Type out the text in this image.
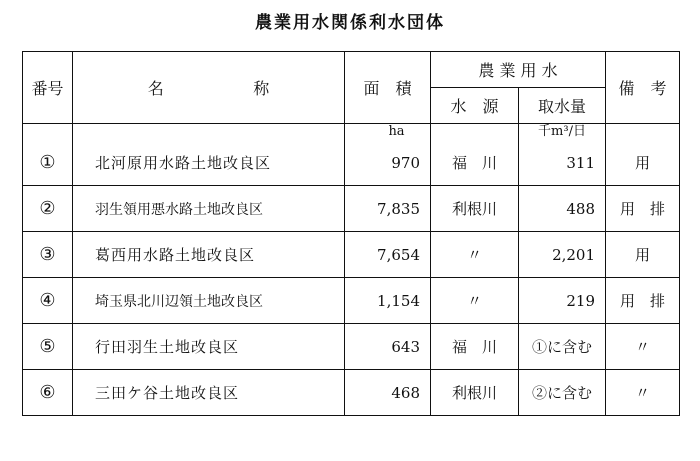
農業用水関係利水団体
番号	名 称	面　積	農 業 用 水		備　考
			水　源	取水量	
		ha		千m³/日	
①	北河原用水路土地改良区	970	福　川	311	用
②	羽生領用悪水路土地改良区	7,835	利根川	488	用　排
③	葛西用水路土地改良区	7,654	〃	2,201	用
④	埼玉県北川辺領土地改良区	1,154	〃	219	用　排
⑤	行田羽生土地改良区	643	福　川	①に含む	〃
⑥	三田ケ谷土地改良区	468	利根川	②に含む	〃
